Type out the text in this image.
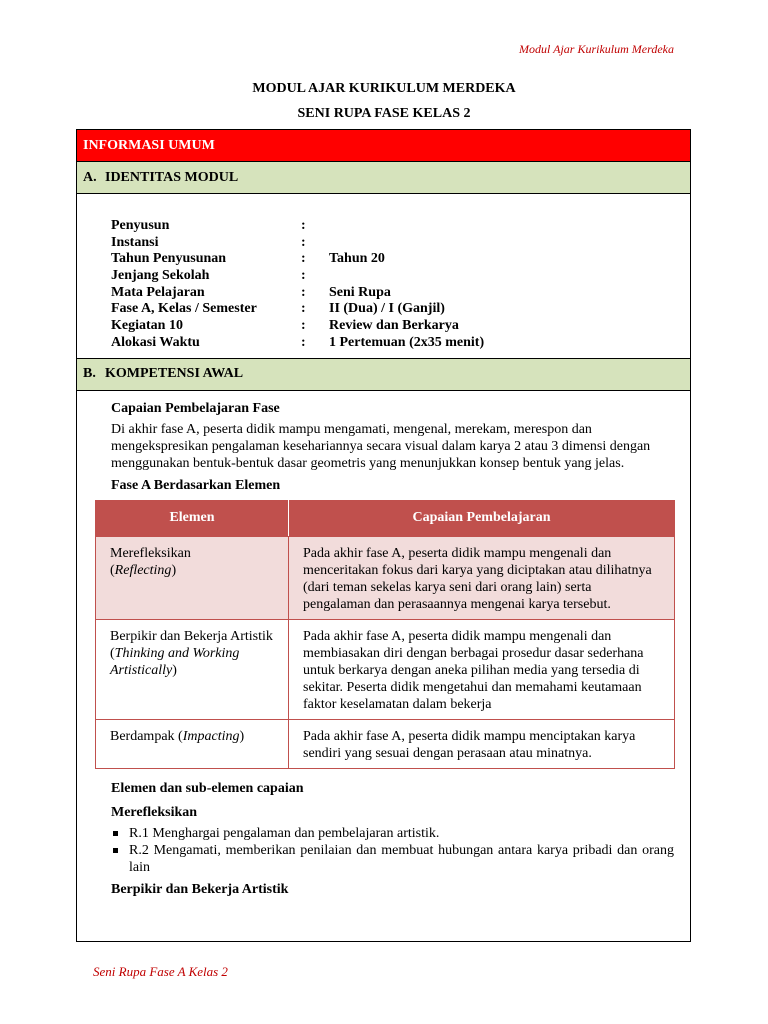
Modul Ajar Kurikulum Merdeka
MODUL AJAR KURIKULUM MERDEKA
SENI RUPA FASE KELAS 2
INFORMASI UMUM
A. IDENTITAS MODUL
Penyusun	:
Instansi	:
Tahun Penyusunan	:	Tahun 20
Jenjang Sekolah	:
Mata Pelajaran	:	Seni Rupa
Fase A, Kelas / Semester	:	II (Dua) / I (Ganjil)
Kegiatan 10	:	Review dan Berkarya
Alokasi Waktu	:	1 Pertemuan (2x35 menit)
B. KOMPETENSI AWAL

Capaian Pembelajaran Fase

Di akhir fase A, peserta didik mampu mengamati, mengenal, merekam, merespon dan mengekspresikan pengalaman kesehariannya secara visual dalam karya 2 atau 3 dimensi dengan menggunakan bentuk-bentuk dasar geometris yang menunjukkan konsep bentuk yang jelas.

Fase A Berdasarkan Elemen

Elemen	Capaian Pembelajaran
Merefleksikan
(Reflecting)	Pada akhir fase A, peserta didik mampu mengenali dan menceritakan fokus dari karya yang diciptakan atau dilihatnya (dari teman sekelas karya seni dari orang lain) serta pengalaman dan perasaannya mengenai karya tersebut.
Berpikir dan Bekerja Artistik (Thinking and Working Artistically)	Pada akhir fase A, peserta didik mampu mengenali dan membiasakan diri dengan berbagai prosedur dasar sederhana untuk berkarya dengan aneka pilihan media yang tersedia di sekitar. Peserta didik mengetahui dan memahami keutamaan faktor keselamatan dalam bekerja
Berdampak (Impacting)	Pada akhir fase A, peserta didik mampu menciptakan karya sendiri yang sesuai dengan perasaan atau minatnya.

Elemen dan sub-elemen capaian

Merefleksikan

R.1 Menghargai pengalaman dan pembelajaran artistik.
R.2 Mengamati, memberikan penilaian dan membuat hubungan antara karya pribadi dan orang lain

Berpikir dan Bekerja Artistik

Seni Rupa Fase A Kelas 2
